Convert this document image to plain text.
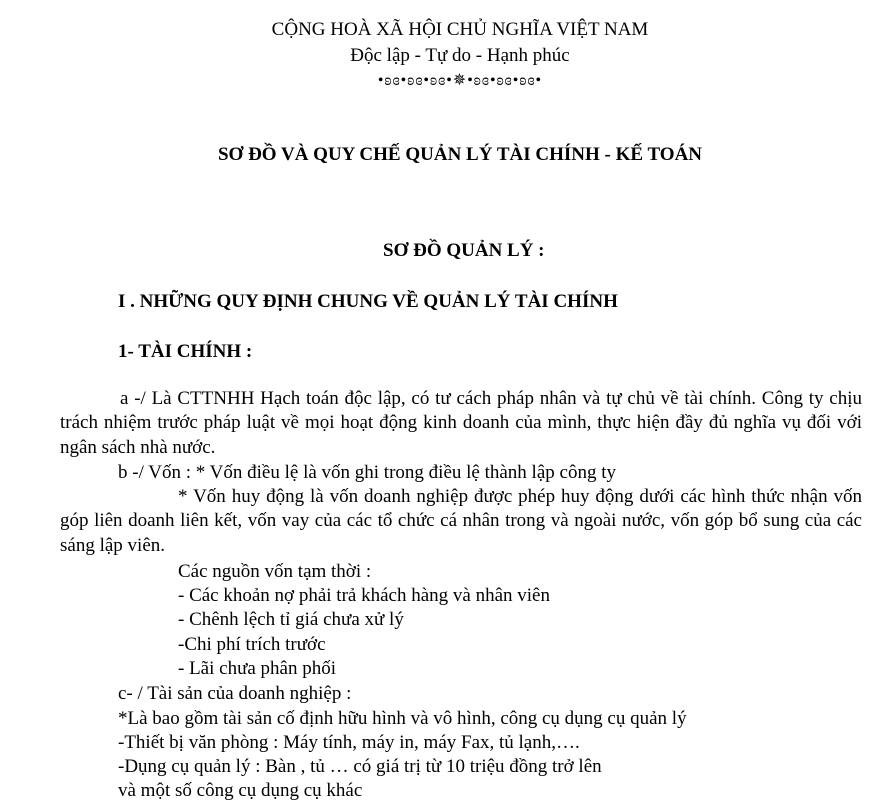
CỘNG HOÀ XÃ HỘI CHỦ NGHĨA VIỆT NAM
Độc lập - Tự do - Hạnh phúc
•ʚɞ•ʚɞ•ʚɞ•✵•ʚɞ•ʚɞ•ʚɞ•
SƠ ĐỒ VÀ QUY CHẾ QUẢN LÝ TÀI CHÍNH - KẾ TOÁN
SƠ ĐỒ QUẢN LÝ :
I . NHỮNG QUY ĐỊNH CHUNG VỀ QUẢN LÝ TÀI CHÍNH
1- TÀI CHÍNH :
a -/ Là CTTNHH Hạch toán độc lập, có tư cách pháp nhân và tự chủ về tài chính. Công ty chịu trách nhiệm trước pháp luật về mọi hoạt động kinh doanh của mình, thực hiện đầy đủ nghĩa vụ đối với ngân sách nhà nước.
b -/ Vốn : * Vốn điều lệ là vốn ghi trong điều lệ thành lập công ty
* Vốn huy động là vốn doanh nghiệp được phép huy động dưới các hình thức nhận vốn góp liên doanh liên kết, vốn vay của các tổ chức cá nhân trong và ngoài nước, vốn góp bổ sung của các sáng lập viên.
Các nguồn vốn tạm thời :
- Các khoản nợ phải trả khách hàng và nhân viên
- Chênh lệch tỉ giá chưa xử lý
-Chi phí trích trước
- Lãi chưa phân phối
c- / Tài sản của doanh nghiệp :
*Là bao gồm tài sản cố định hữu hình và vô hình, công cụ dụng cụ quản lý
-Thiết bị văn phòng : Máy tính, máy in, máy Fax, tủ lạnh,….
-Dụng cụ quản lý : Bàn , tủ … có giá trị từ 10 triệu đồng trở lên
và một số công cụ dụng cụ khác
